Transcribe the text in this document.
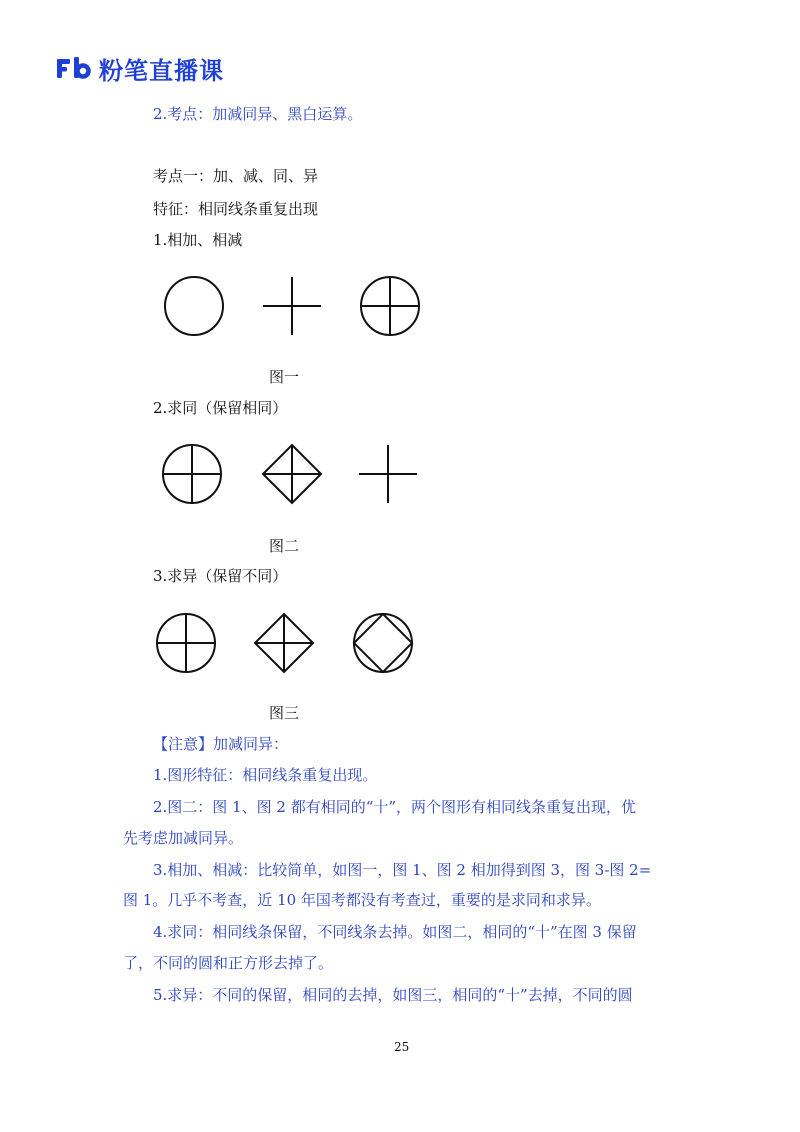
粉笔直播课
2.考点：加减同异、黑白运算。
考点一：加、减、同、异
特征：相同线条重复出现
1.相加、相减
图一
2.求同（保留相同）
图二
3.求异（保留不同）
图三
【注意】加减同异：
1.图形特征：相同线条重复出现。
2.图二：图 1、图 2 都有相同的“十”，两个图形有相同线条重复出现，优
先考虑加减同异。
3.相加、相减：比较简单，如图一，图 1、图 2 相加得到图 3，图 3-图 2=
图 1。几乎不考查，近 10 年国考都没有考查过，重要的是求同和求异。
4.求同：相同线条保留，不同线条去掉。如图二，相同的“十”在图 3 保留
了，不同的圆和正方形去掉了。
5.求异：不同的保留，相同的去掉，如图三，相同的“十”去掉，不同的圆
25
